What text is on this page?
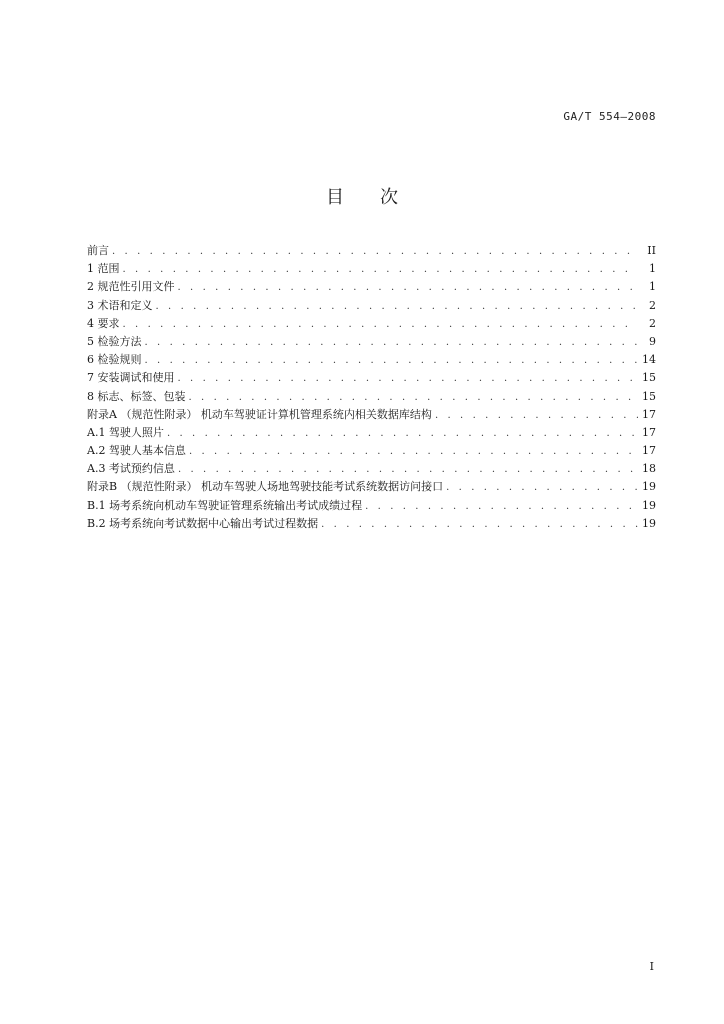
GA/T 554—2008
目次
前言 . . .	II
1 范围 . . .	1
2 规范性引用文件 . . .	1
3 术语和定义 . . .	2
4 要求 . . .	2
5 检验方法 . . .	9
6 检验规则 . . .	14
7 安装调试和使用 . . .	15
8 标志、标签、包装 . . .	15
附录A （规范性附录） 机动车驾驶证计算机管理系统内相关数据库结构 . . .	17
A.1 驾驶人照片 . . .	17
A.2 驾驶人基本信息 . . .	17
A.3 考试预约信息 . . .	18
附录B （规范性附录） 机动车驾驶人场地驾驶技能考试系统数据访问接口 . . .	19
B.1 场考系统向机动车驾驶证管理系统输出考试成绩过程 . . .	19
B.2 场考系统向考试数据中心输出考试过程数据 . . .	19
I
